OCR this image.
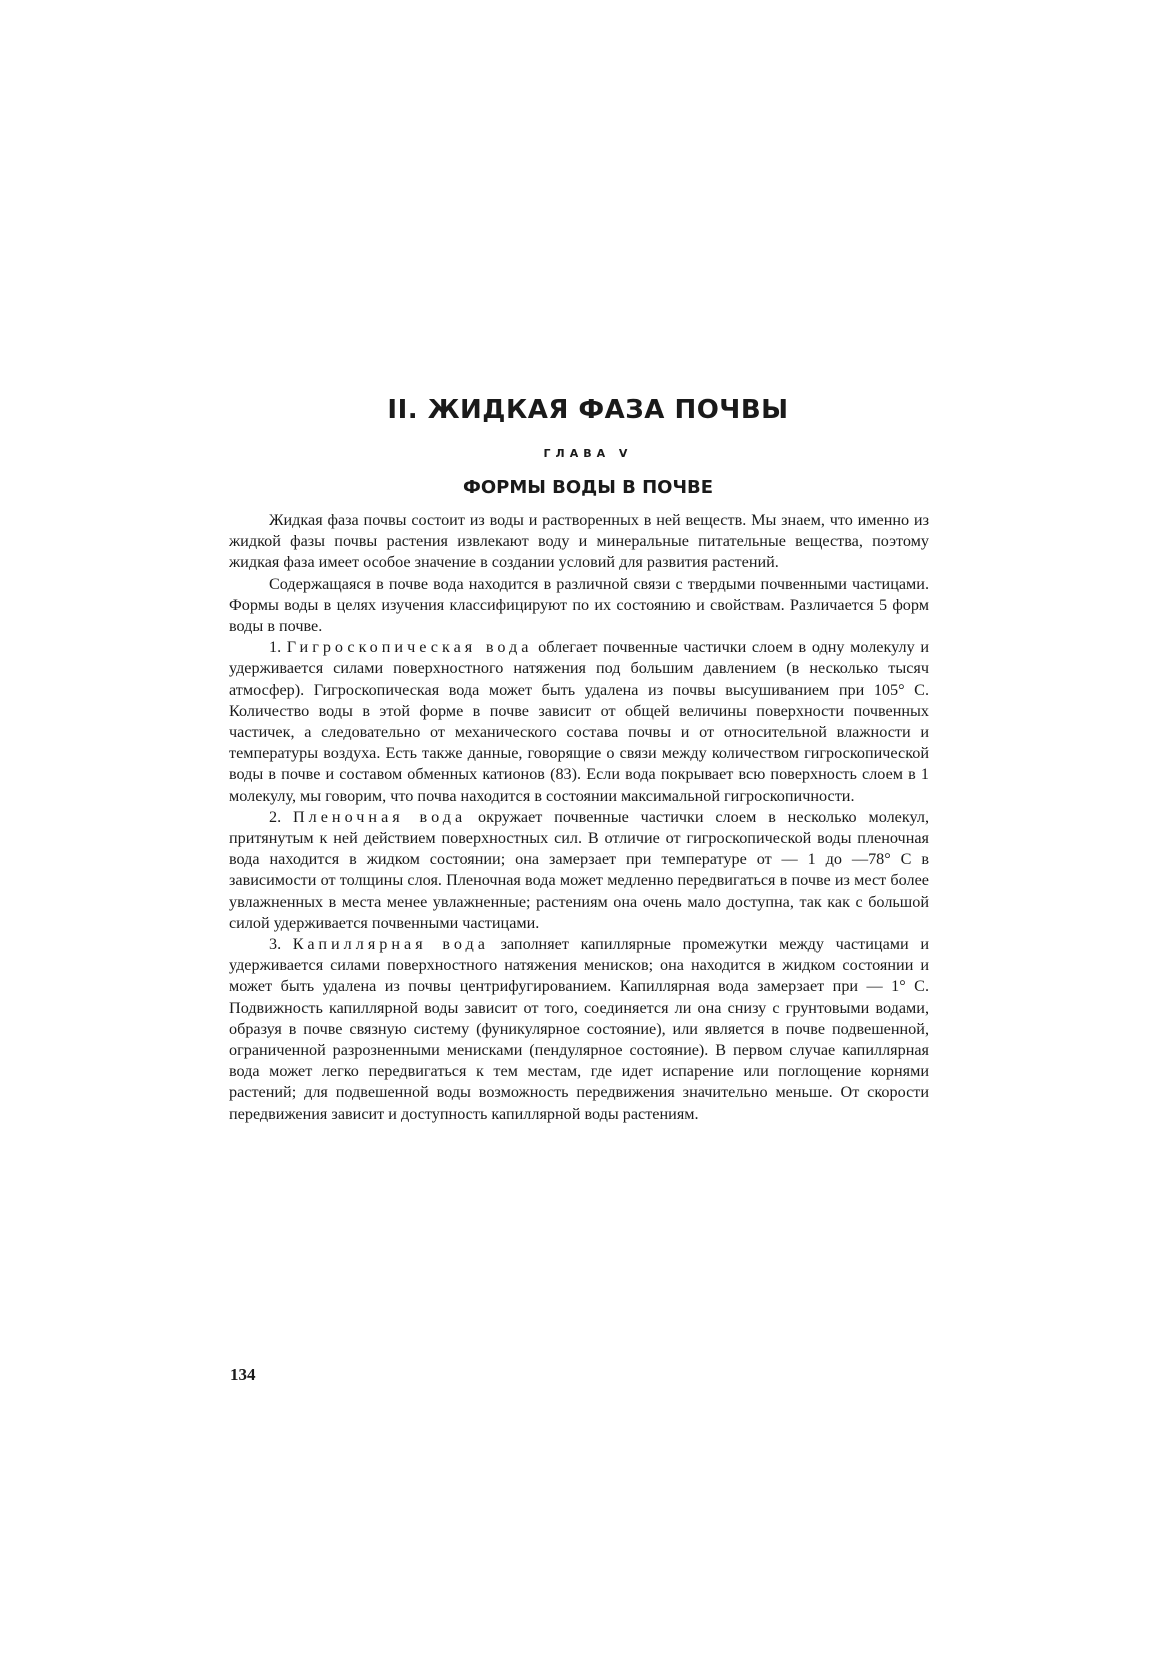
II. ЖИДКАЯ ФАЗА ПОЧВЫ
ГЛАВА V
ФОРМЫ ВОДЫ В ПОЧВЕ

Жидкая фаза почвы состоит из воды и растворенных в ней веществ. Мы знаем, что именно из жидкой фазы почвы растения извлекают воду и минеральные питательные вещества, поэтому жидкая фаза имеет особое значение в создании условий для развития растений.

Содержащаяся в почве вода находится в различной связи с твердыми почвенными частицами. Формы воды в целях изучения классифицируют по их состоянию и свойствам. Различается 5 форм воды в почве.

1. Гигроскопическая вода облегает почвенные частички слоем в одну молекулу и удерживается силами поверхностного натяжения под большим давлением (в несколько тысяч атмосфер). Гигроскопическая вода может быть удалена из почвы высушиванием при 105° С. Количество воды в этой форме в почве зависит от общей величины поверхности почвенных частичек, а следовательно от механического состава почвы и от относительной влажности и температуры воздуха. Есть также данные, говорящие о связи между количеством гигроскопической воды в почве и составом обменных катионов (83). Если вода покрывает всю поверхность слоем в 1 молекулу, мы говорим, что почва находится в состоянии максимальной гигроскопичности.

2. Пленочная вода окружает почвенные частички слоем в несколько молекул, притянутым к ней действием поверхностных сил. В отличие от гигроскопической воды пленочная вода находится в жидком состоянии; она замерзает при температуре от — 1 до —78° С в зависимости от толщины слоя. Пленочная вода может медленно передвигаться в почве из мест более увлажненных в места менее увлажненные; растениям она очень мало доступна, так как с большой силой удерживается почвенными частицами.

3. Капиллярная вода заполняет капиллярные промежутки между частицами и удерживается силами поверхностного натяжения менисков; она находится в жидком состоянии и может быть удалена из почвы центрифугированием. Капиллярная вода замерзает при — 1° С. Подвижность капиллярной воды зависит от того, соединяется ли она снизу с грунтовыми водами, образуя в почве связную систему (фуникулярное состояние), или является в почве подвешенной, ограниченной разрозненными менисками (пендулярное состояние). В первом случае капиллярная вода может легко передвигаться к тем местам, где идет испарение или поглощение корнями растений; для подвешенной воды возможность передвижения значительно меньше. От скорости передвижения зависит и доступность капиллярной воды растениям.

134
